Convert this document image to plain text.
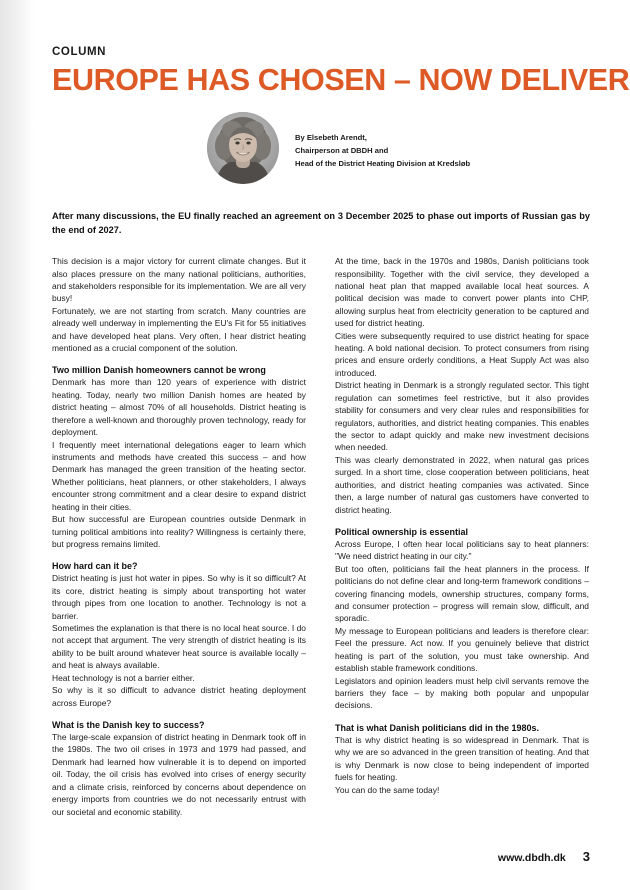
COLUMN
EUROPE HAS CHOSEN – NOW DELIVER
By Elsebeth Arendt,
Chairperson at DBDH and
Head of the District Heating Division at Kredsløb

After many discussions, the EU finally reached an agreement on 3 December 2025 to phase out imports of Russian gas by the end of 2027.

This decision is a major victory for current climate changes. But it also places pressure on the many national politicians, authorities, and stakeholders responsible for its implementation. We are all very busy!

Fortunately, we are not starting from scratch. Many countries are already well underway in implementing the EU's Fit for 55 initiatives and have developed heat plans. Very often, I hear district heating mentioned as a crucial component of the solution.

Two million Danish homeowners cannot be wrong

Denmark has more than 120 years of experience with district heating. Today, nearly two million Danish homes are heated by district heating – almost 70% of all households. District heating is therefore a well-known and thoroughly proven technology, ready for deployment.

I frequently meet international delegations eager to learn which instruments and methods have created this success – and how Denmark has managed the green transition of the heating sector. Whether politicians, heat planners, or other stakeholders, I always encounter strong commitment and a clear desire to expand district heating in their cities.

But how successful are European countries outside Denmark in turning political ambitions into reality? Willingness is certainly there, but progress remains limited.

How hard can it be?

District heating is just hot water in pipes. So why is it so difficult? At its core, district heating is simply about transporting hot water through pipes from one location to another. Technology is not a barrier.

Sometimes the explanation is that there is no local heat source. I do not accept that argument. The very strength of district heating is its ability to be built around whatever heat source is available locally – and heat is always available.

Heat technology is not a barrier either.

So why is it so difficult to advance district heating deployment across Europe?

What is the Danish key to success?

The large-scale expansion of district heating in Denmark took off in the 1980s. The two oil crises in 1973 and 1979 had passed, and Denmark had learned how vulnerable it is to depend on imported oil. Today, the oil crisis has evolved into crises of energy security and a climate crisis, reinforced by concerns about dependence on energy imports from countries we do not necessarily entrust with our societal and economic stability.

At the time, back in the 1970s and 1980s, Danish politicians took responsibility. Together with the civil service, they developed a national heat plan that mapped available local heat sources. A political decision was made to convert power plants into CHP, allowing surplus heat from electricity generation to be captured and used for district heating.

Cities were subsequently required to use district heating for space heating. A bold national decision. To protect consumers from rising prices and ensure orderly conditions, a Heat Supply Act was also introduced.

District heating in Denmark is a strongly regulated sector. This tight regulation can sometimes feel restrictive, but it also provides stability for consumers and very clear rules and responsibilities for regulators, authorities, and district heating companies. This enables the sector to adapt quickly and make new investment decisions when needed.

This was clearly demonstrated in 2022, when natural gas prices surged. In a short time, close cooperation between politicians, heat authorities, and district heating companies was activated. Since then, a large number of natural gas customers have converted to district heating.

Political ownership is essential

Across Europe, I often hear local politicians say to heat planners: "We need district heating in our city."

But too often, politicians fail the heat planners in the process. If politicians do not define clear and long-term framework conditions – covering financing models, ownership structures, company forms, and consumer protection – progress will remain slow, difficult, and sporadic.

My message to European politicians and leaders is therefore clear: Feel the pressure. Act now. If you genuinely believe that district heating is part of the solution, you must take ownership. And establish stable framework conditions.

Legislators and opinion leaders must help civil servants remove the barriers they face – by making both popular and unpopular decisions.

That is what Danish politicians did in the 1980s.

That is why district heating is so widespread in Denmark. That is why we are so advanced in the green transition of heating. And that is why Denmark is now close to being independent of imported fuels for heating.

You can do the same today!

www.dbdh.dk 3
